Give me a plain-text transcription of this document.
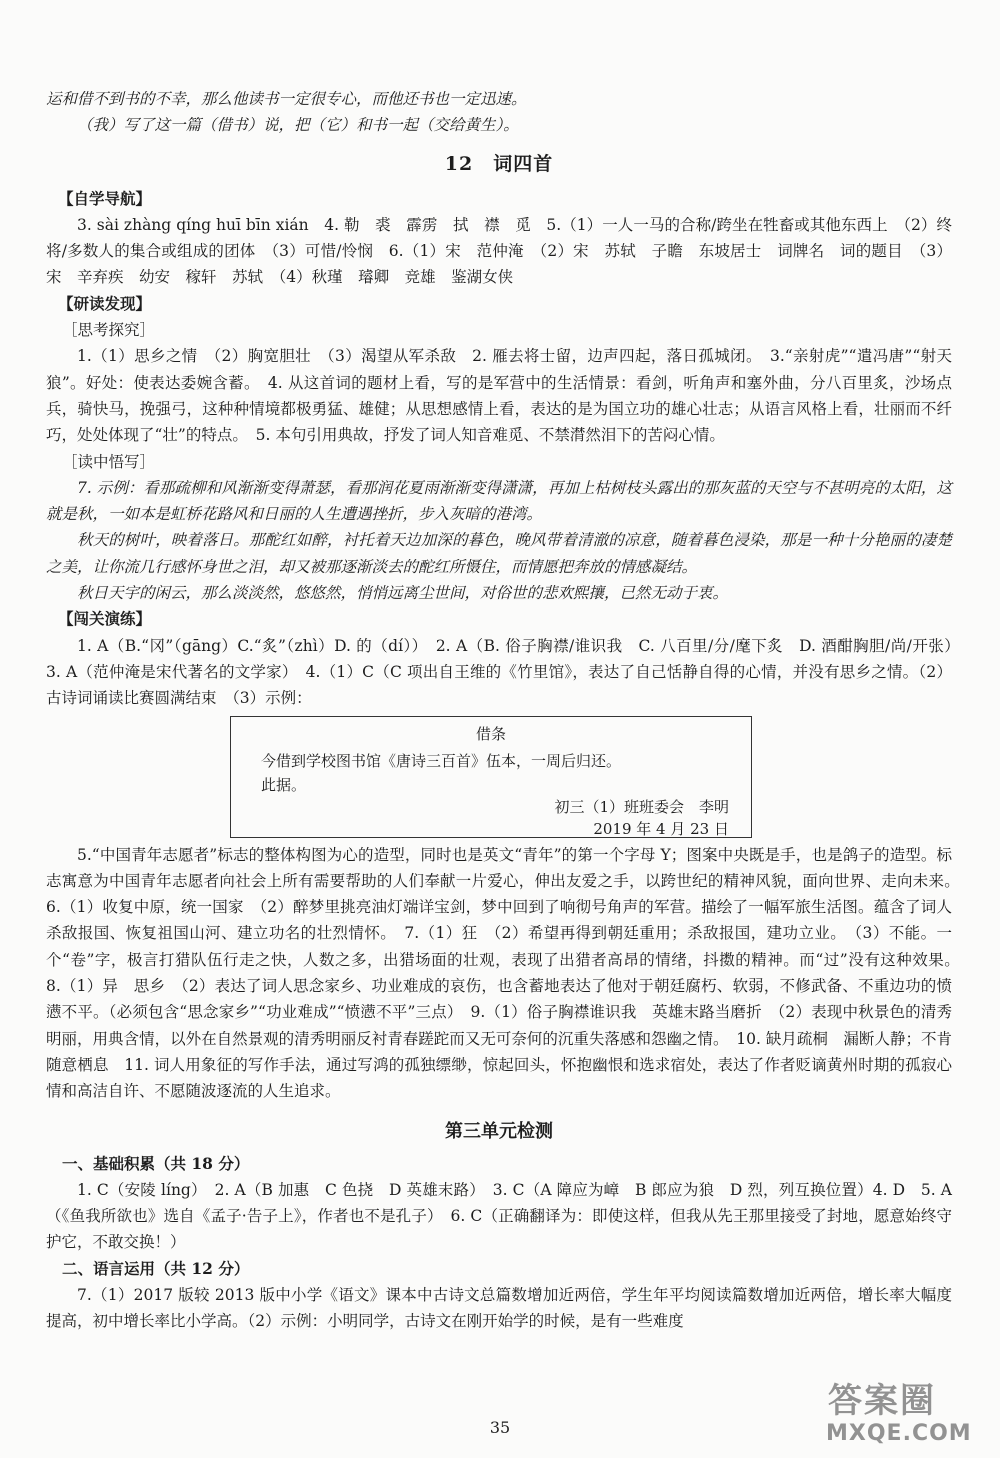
运和借不到书的不幸，那么他读书一定很专心，而他还书也一定迅速。

（我）写了这一篇（借书）说，把（它）和书一起（交给黄生）。

12　词四首

【自学导航】

3. sài zhàng qíng huī bīn xián　4. 勒　裘　霹雳　拭　襟　觅　5.（1）一人一马的合称/跨坐在牲畜或其他东西上　（2）终将/多数人的集合或组成的团体　（3）可惜/怜悯　6.（1）宋　范仲淹　（2）宋　苏轼　子瞻　东坡居士　词牌名　词的题目　（3）宋　辛弃疾　幼安　稼轩　苏轼　（4）秋瑾　璿卿　竞雄　鉴湖女侠

【研读发现】

［思考探究］

1.（1）思乡之情　（2）胸宽胆壮　（3）渴望从军杀敌　2. 雁去将士留，边声四起，落日孤城闭。　3.“亲射虎”“遣冯唐”“射天狼”。好处：使表达委婉含蓄。　4. 从这首词的题材上看，写的是军营中的生活情景：看剑，听角声和塞外曲，分八百里炙，沙场点兵，骑快马，挽强弓，这种种情境都极勇猛、雄健；从思想感情上看，表达的是为国立功的雄心壮志；从语言风格上看，壮丽而不纤巧，处处体现了“壮”的特点。　5. 本句引用典故，抒发了词人知音难觅、不禁潸然泪下的苦闷心情。

［读中悟写］

7. 示例：看那疏柳和风渐渐变得萧瑟，看那润花夏雨渐渐变得潇潇，再加上枯树枝头露出的那灰蓝的天空与不甚明亮的太阳，这就是秋，一如本是虹桥花路风和日丽的人生遭遇挫折，步入灰暗的港湾。

秋天的树叶，映着落日。那酡红如醉，衬托着天边加深的暮色，晚风带着清澈的凉意，随着暮色浸染，那是一种十分艳丽的凄楚之美，让你流几行感怀身世之泪，却又被那逐渐淡去的酡红所慑住，而情愿把奔放的情感凝结。

秋日天宇的闲云，那么淡淡然，悠悠然，悄悄远离尘世间，对俗世的悲欢熙攘，已然无动于衷。

【闯关演练】

1. A（B.“冈”（gāng）C.“炙”（zhì）D. 的（dí））　2. A（B. 俗子胸襟/谁识我　C. 八百里/分/麾下炙　D. 酒酣胸胆/尚/开张）　3. A（范仲淹是宋代著名的文学家）　4.（1）C（C 项出自王维的《竹里馆》，表达了自己恬静自得的心情，并没有思乡之情。（2）古诗词诵读比赛圆满结束　（3）示例：

借条
今借到学校图书馆《唐诗三百首》伍本，一周后归还。
此据。
初三（1）班班委会　李明
2019 年 4 月 23 日

5.“中国青年志愿者”标志的整体构图为心的造型，同时也是英文“青年”的第一个字母 Y；图案中央既是手，也是鸽子的造型。标志寓意为中国青年志愿者向社会上所有需要帮助的人们奉献一片爱心，伸出友爱之手，以跨世纪的精神风貌，面向世界、走向未来。　6.（1）收复中原，统一国家　（2）醉梦里挑亮油灯端详宝剑，梦中回到了响彻号角声的军营。描绘了一幅军旅生活图。蕴含了词人杀敌报国、恢复祖国山河、建立功名的壮烈情怀。　7.（1）狂　（2）希望再得到朝廷重用；杀敌报国，建功立业。　（3）不能。一个“卷”字，极言打猎队伍行走之快，人数之多，出猎场面的壮观，表现了出猎者高昂的情绪，抖擞的精神。而“过”没有这种效果。　8.（1）异　思乡　（2）表达了词人思念家乡、功业难成的哀伤，也含蓄地表达了他对于朝廷腐朽、软弱，不修武备、不重边功的愤懑不平。（必须包含“思念家乡”“功业难成”“愤懑不平”三点）　9.（1）俗子胸襟谁识我　英雄末路当磨折　（2）表现中秋景色的清秀明丽，用典含情，以外在自然景观的清秀明丽反衬青春蹉跎而又无可奈何的沉重失落感和怨幽之情。　10. 缺月疏桐　漏断人静；不肯随意栖息　11. 词人用象征的写作手法，通过写鸿的孤独缥缈，惊起回头，怀抱幽恨和选求宿处，表达了作者贬谪黄州时期的孤寂心情和高洁自许、不愿随波逐流的人生追求。

第三单元检测

一、基础积累（共 18 分）

1. C（安陵 líng）　2. A（B 加惠　C 色挠　D 英雄末路）　3. C（A 障应为嶂　B 郎应为狼　D 烈，列互换位置）4. D　5. A（《鱼我所欲也》选自《孟子·告子上》，作者也不是孔子）　6. C（正确翻译为：即使这样，但我从先王那里接受了封地，愿意始终守护它，不敢交换！）

二、语言运用（共 12 分）

7.（1）2017 版较 2013 版中小学《语文》课本中古诗文总篇数增加近两倍，学生年平均阅读篇数增加近两倍，增长率大幅度提高，初中增长率比小学高。（2）示例：小明同学，古诗文在刚开始学的时候，是有一些难度

35
答案圈
MXQE.COM
